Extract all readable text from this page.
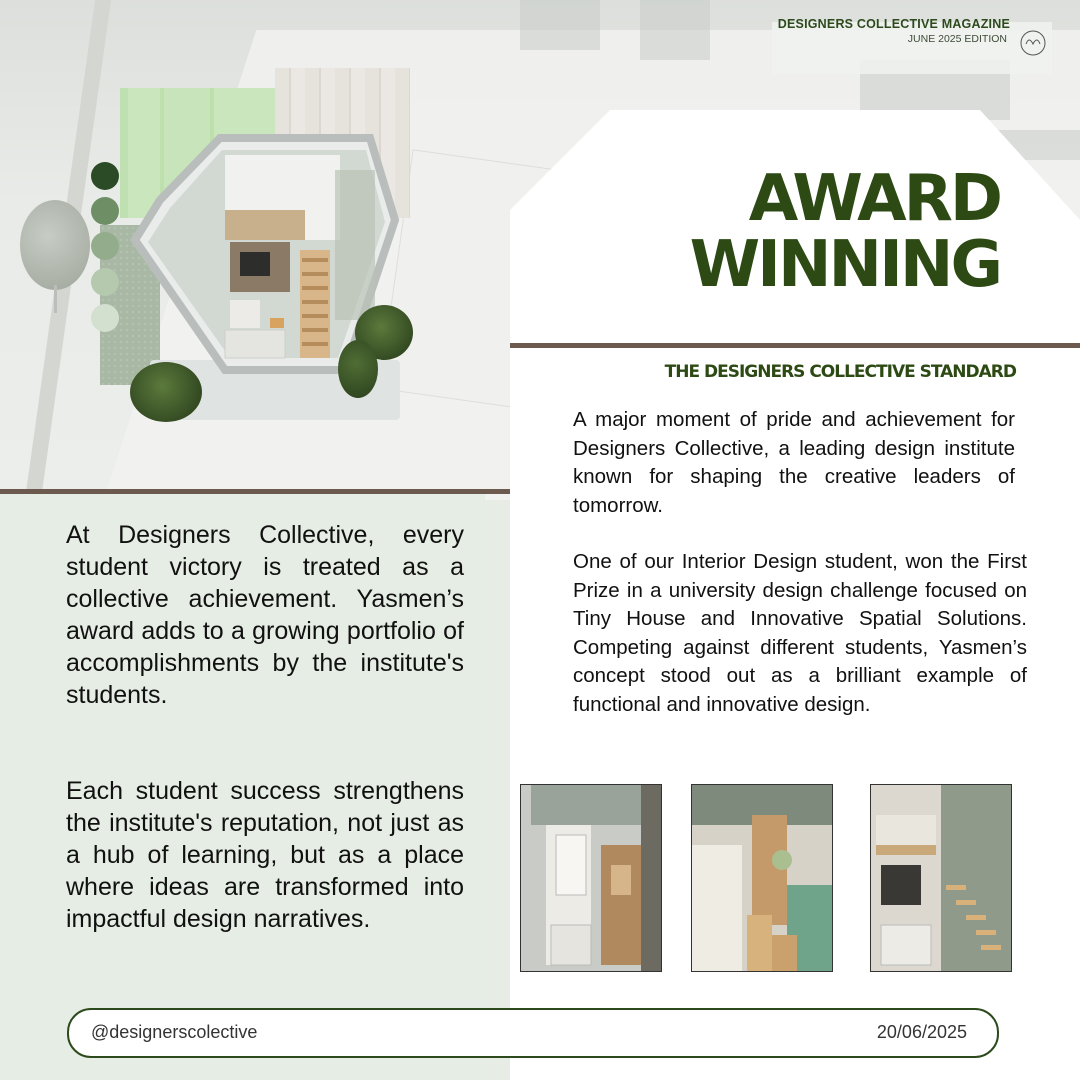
DESIGNERS COLLECTIVE MAGAZINE
JUNE 2025 EDITION
AWARD
WINNING
THE DESIGNERS COLLECTIVE STANDARD
A major moment of pride and achievement for Designers Collective, a leading design institute known for shaping the creative leaders of tomorrow.
One of our Interior Design student, won the First Prize in a university design challenge focused on Tiny House and Innovative Spatial Solutions. Competing against different students, Yasmen’s concept stood out as a brilliant example of functional and innovative design.
At Designers Collective, every student victory is treated as a collective achievement. Yasmen’s award adds to a growing portfolio of accomplishments by the institute's students.
Each student success strengthens the institute's reputation, not just as a hub of learning, but as a place where ideas are transformed into impactful design narratives.
@designerscolective	20/06/2025
